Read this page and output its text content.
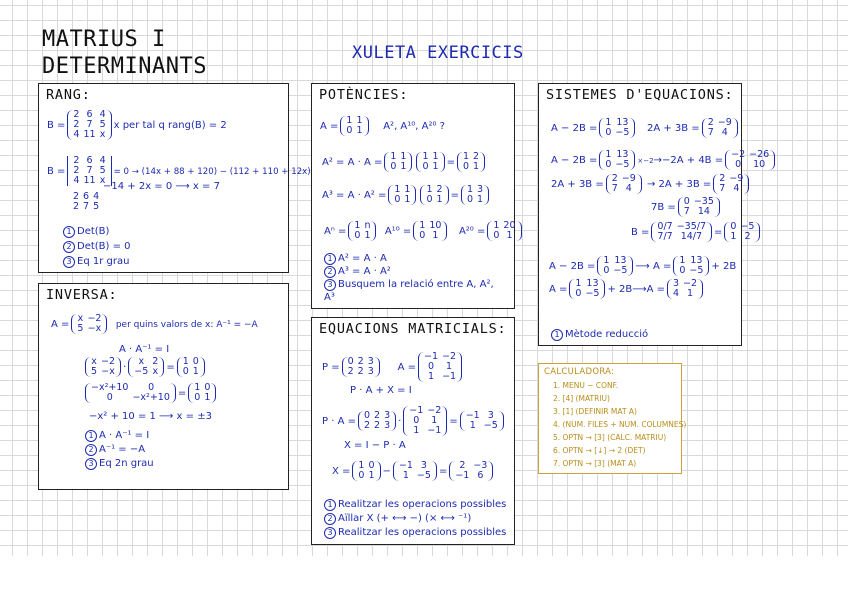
MATRIUS I
DETERMINANTS
XULETA EXERCICIS
RANG:
B =
2	6	4
2	7	5
4	11	x
x per tal q rang(B) = 2
B =
2	6	4
2	7	5
4	11	x
= 0 → (14x + 88 + 120) − (112 + 110 + 12x)
−14 + 2x = 0 ⟶ x = 7
2	6	4
2	7	5
1 Det(B)
2 Det(B) = 0
3 Eq 1r grau
INVERSA:
A =
x	−2
5	−x per quins valors de x: A⁻¹ = −A
A · A⁻¹ = I
x	−2
5	−x ·
x	2
−5	x =
1	0
0	1
−x²+10	0
0	−x²+10 =
1	0
0	1
−x² + 10 = 1 ⟶ x = ±3
1 A · A⁻¹ = I
2 A⁻¹ = −A
3 Eq 2n grau
POTÈNCIES:
A =
1	1
0	1 A², A¹⁰, A²⁰ ?
A² = A · A =
1	1
0	1
1	1
0	1 =
1	2
0	1
A³ = A · A² =
1	1
0	1
1	2
0	1 =
1	3
0	1
Aⁿ =
1	n
0	1 A¹⁰ =
1	10
0	1 A²⁰ =
1	20
0	1
1 A² = A · A
2 A³ = A · A²
3 Busquem la relació entre A, A², A³
EQUACIONS MATRICIALS:
P =
0	2	3
2	2	3 A =
−1	−2
0	1
1	−1
P · A + X = I
P · A =
0	2	3
2	2	3 ·
−1	−2
0	1
1	−1
=
−1	3
1	−5
X = I − P · A
X =
1	0
0	1 −
−1	3
1	−5 =
2	−3
−1	6
1 Realitzar les operacions possibles
2 Aïllar X (+ ⟷ −) (× ⟷ ⁻¹)
3 Realitzar les operacions possibles
SISTEMES D'EQUACIONS:
A − 2B =
1	13
0	−5 2A + 3B =
2	−9
7	4
A − 2B =
1	13
0	−5 ×−2→−2A + 4B =
−2	−26
0	10
2A + 3B =
2	−9
7	4 → 2A + 3B =
2	−9
7	4
7B =
0	−35
7	14
B =
0/7	−35/7
7/7	14/7 =
0	−5
1	2
A − 2B =
1	13
0	−5 ⟶ A =
1	13
0	−5 + 2B
A =
1	13
0	−5 + 2B⟶A =
3	−2
4	1
1 Mètode reducció
CALCULADORA:
1. MENU − CONF.
2. [4] (MATRIU)
3. [1] (DEFINIR MAT A)
4. (NUM. FILES + NUM. COLUMNES)
5. OPTN → [3] (CALC. MATRIU)
6. OPTN → [↓] → 2 (DET)
7. OPTN → [3] (MAT A)
